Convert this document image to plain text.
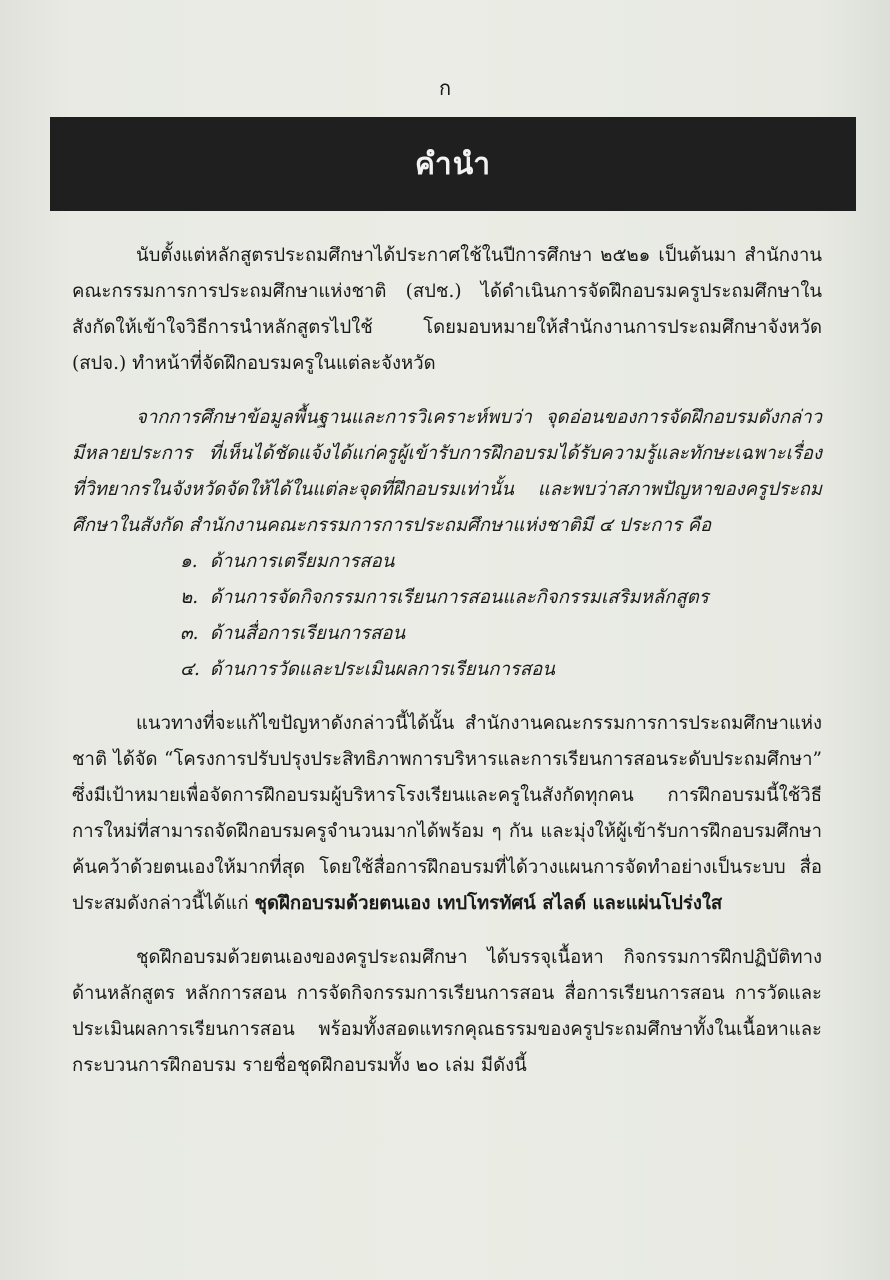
ก
คำนำ

นับตั้งแต่หลักสูตรประถมศึกษาได้ประกาศใช้ในปีการศึกษา ๒๕๒๑ เป็นต้นมา สำนักงานคณะกรรมการการประถมศึกษาแห่งชาติ (สปช.) ได้ดำเนินการจัดฝึกอบรมครูประถมศึกษาในสังกัดให้เข้าใจวิธีการนำหลักสูตรไปใช้ โดยมอบหมายให้สำนักงานการประถมศึกษาจังหวัด (สปจ.) ทำหน้าที่จัดฝึกอบรมครูในแต่ละจังหวัด

จากการศึกษาข้อมูลพื้นฐานและการวิเคราะห์พบว่า จุดอ่อนของการจัดฝึกอบรมดังกล่าวมีหลายประการ ที่เห็นได้ชัดแจ้งได้แก่ครูผู้เข้ารับการฝึกอบรมได้รับความรู้และทักษะเฉพาะเรื่องที่วิทยากรในจังหวัดจัดให้ได้ในแต่ละจุดที่ฝึกอบรมเท่านั้น และพบว่าสภาพปัญหาของครูประถมศึกษาในสังกัด สำนักงานคณะกรรมการการประถมศึกษาแห่งชาติมี ๔ ประการ คือ

๑. ด้านการเตรียมการสอน
๒. ด้านการจัดกิจกรรมการเรียนการสอนและกิจกรรมเสริมหลักสูตร
๓. ด้านสื่อการเรียนการสอน
๔. ด้านการวัดและประเมินผลการเรียนการสอน

แนวทางที่จะแก้ไขปัญหาดังกล่าวนี้ได้นั้น สำนักงานคณะกรรมการการประถมศึกษาแห่งชาติ ได้จัด “โครงการปรับปรุงประสิทธิภาพการบริหารและการเรียนการสอนระดับประถมศึกษา” ซึ่งมีเป้าหมายเพื่อจัดการฝึกอบรมผู้บริหารโรงเรียนและครูในสังกัดทุกคน การฝึกอบรมนี้ใช้วิธีการใหม่ที่สามารถจัดฝึกอบรมครูจำนวนมากได้พร้อม ๆ กัน และมุ่งให้ผู้เข้ารับการฝึกอบรมศึกษาค้นคว้าด้วยตนเองให้มากที่สุด โดยใช้สื่อการฝึกอบรมที่ได้วางแผนการจัดทำอย่างเป็นระบบ สื่อประสมดังกล่าวนี้ได้แก่ ชุดฝึกอบรมด้วยตนเอง เทปโทรทัศน์ สไลด์ และแผ่นโปร่งใส

ชุดฝึกอบรมด้วยตนเองของครูประถมศึกษา ได้บรรจุเนื้อหา กิจกรรมการฝึกปฏิบัติทางด้านหลักสูตร หลักการสอน การจัดกิจกรรมการเรียนการสอน สื่อการเรียนการสอน การวัดและประเมินผลการเรียนการสอน พร้อมทั้งสอดแทรกคุณธรรมของครูประถมศึกษาทั้งในเนื้อหาและกระบวนการฝึกอบรม รายชื่อชุดฝึกอบรมทั้ง ๒๐ เล่ม มีดังนี้
